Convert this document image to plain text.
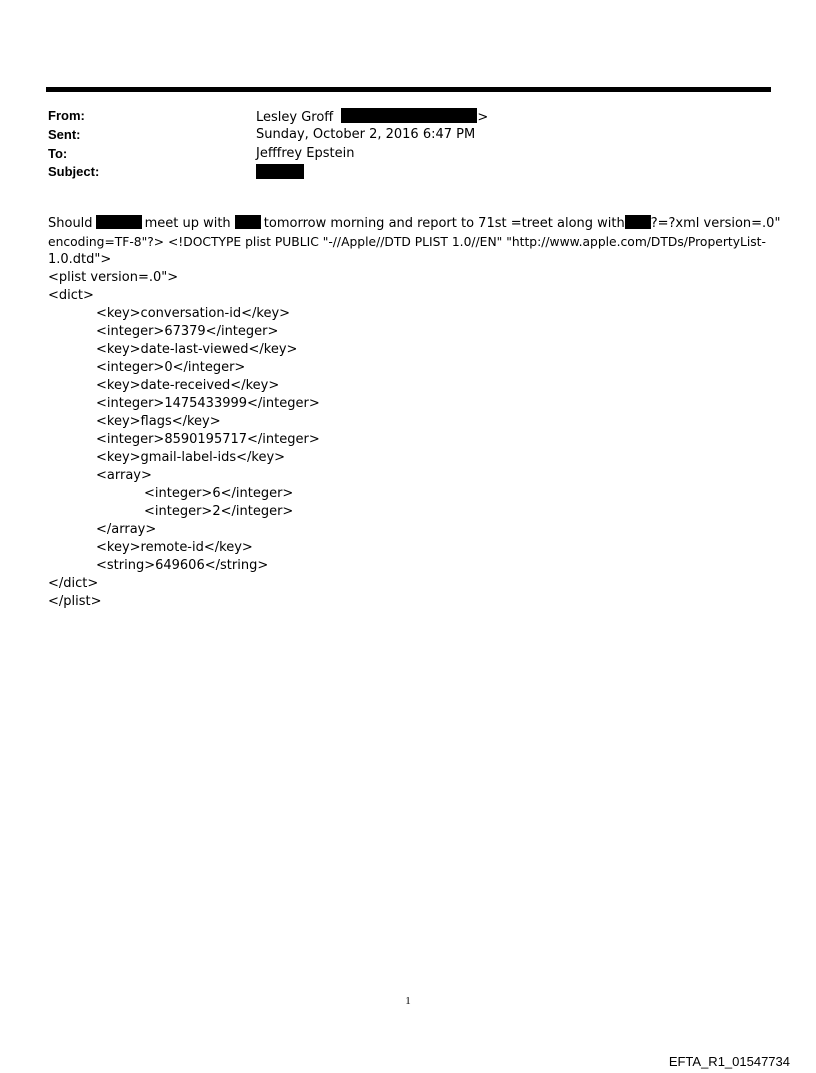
From:	Lesley Groff	>
Sent:	Sunday, October 2, 2016 6:47 PM
To:	Jefffrey Epstein
Subject:
Should	meet up with	tomorrow morning and report to 71st =treet along with ?=?xml version=.0"
encoding=TF-8"?> <!DOCTYPE plist PUBLIC "-//Apple//DTD PLIST 1.0//EN" "http://www.apple.com/DTDs/PropertyList-
1.0.dtd">
<plist version=.0">
<dict>
<key>conversation-id</key>
<integer>67379</integer>
<key>date-last-viewed</key>
<integer>0</integer>
<key>date-received</key>
<integer>1475433999</integer>
<key>flags</key>
<integer>8590195717</integer>
<key>gmail-label-ids</key>
<array>
<integer>6</integer>
<integer>2</integer>
</array>
<key>remote-id</key>
<string>649606</string>
</dict>
</plist>
1
EFTA_R1_01547734
